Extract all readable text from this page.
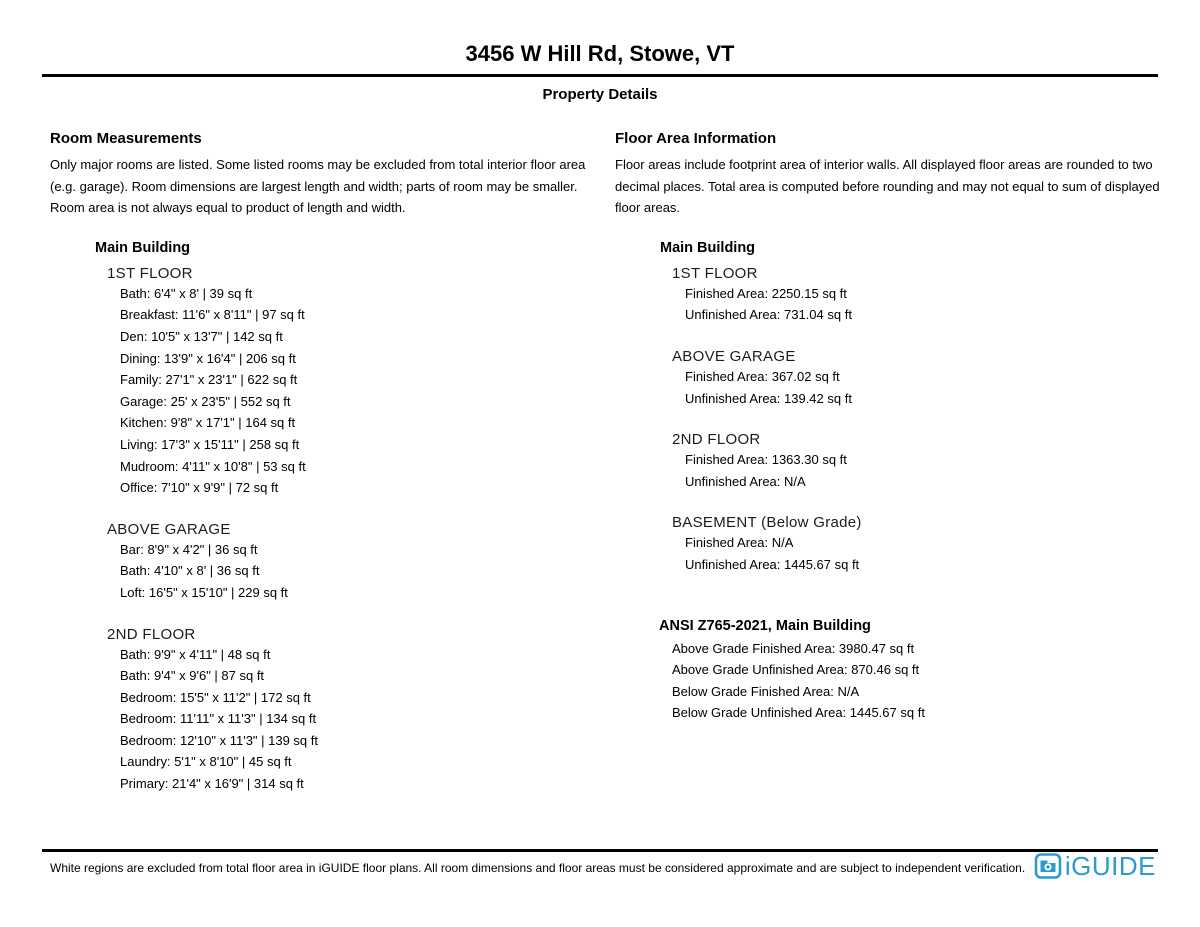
3456 W Hill Rd, Stowe, VT
Property Details
Room Measurements

Only major rooms are listed. Some listed rooms may be excluded from total interior floor area (e.g. garage). Room dimensions are largest length and width; parts of room may be smaller. Room area is not always equal to product of length and width.

Main Building
1ST FLOOR
Bath: 6'4" x 8' | 39 sq ft
Breakfast: 11'6" x 8'11" | 97 sq ft
Den: 10'5" x 13'7" | 142 sq ft
Dining: 13'9" x 16'4" | 206 sq ft
Family: 27'1" x 23'1" | 622 sq ft
Garage: 25' x 23'5" | 552 sq ft
Kitchen: 9'8" x 17'1" | 164 sq ft
Living: 17'3" x 15'11" | 258 sq ft
Mudroom: 4'11" x 10'8" | 53 sq ft
Office: 7'10" x 9'9" | 72 sq ft
ABOVE GARAGE
Bar: 8'9" x 4'2" | 36 sq ft
Bath: 4'10" x 8' | 36 sq ft
Loft: 16'5" x 15'10" | 229 sq ft
2ND FLOOR
Bath: 9'9" x 4'11" | 48 sq ft
Bath: 9'4" x 9'6" | 87 sq ft
Bedroom: 15'5" x 11'2" | 172 sq ft
Bedroom: 11'11" x 11'3" | 134 sq ft
Bedroom: 12'10" x 11'3" | 139 sq ft
Laundry: 5'1" x 8'10" | 45 sq ft
Primary: 21'4" x 16'9" | 314 sq ft
Floor Area Information

Floor areas include footprint area of interior walls. All displayed floor areas are rounded to two decimal places. Total area is computed before rounding and may not equal to sum of displayed floor areas.

Main Building
1ST FLOOR
Finished Area: 2250.15 sq ft
Unfinished Area: 731.04 sq ft
ABOVE GARAGE
Finished Area: 367.02 sq ft
Unfinished Area: 139.42 sq ft
2ND FLOOR
Finished Area: 1363.30 sq ft
Unfinished Area: N/A
BASEMENT (Below Grade)
Finished Area: N/A
Unfinished Area: 1445.67 sq ft
ANSI Z765-2021, Main Building
Above Grade Finished Area: 3980.47 sq ft
Above Grade Unfinished Area: 870.46 sq ft
Below Grade Finished Area: N/A
Below Grade Unfinished Area: 1445.67 sq ft
White regions are excluded from total floor area in iGUIDE floor plans. All room dimensions and floor areas must be considered approximate and are subject to independent verification. iGUIDE
